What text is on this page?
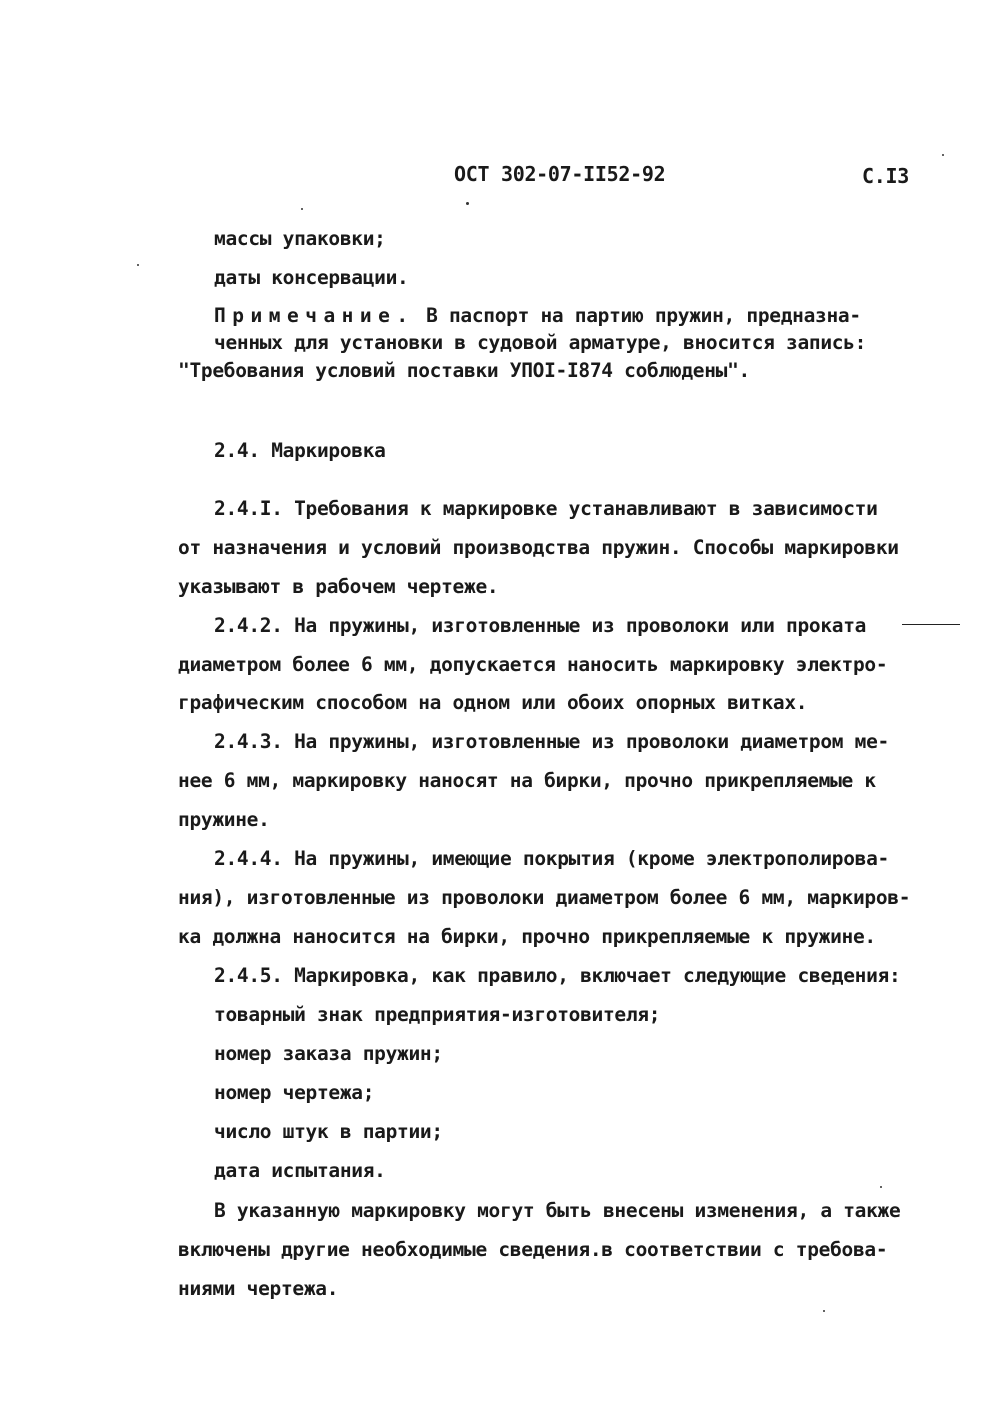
ОСТ 302-07-II52-92	С.I3

массы упаковки;

даты консервации.

Примечание. В паспорт на партию пружин, предназна-

ченных для установки в судовой арматуре, вносится запись:

"Требования условий поставки УПОI-I874 соблюдены".

2.4. Маркировка

2.4.I. Требования к маркировке устанавливают в зависимости

от назначения и условий производства пружин. Способы маркировки

указывают в рабочем чертеже.

2.4.2. На пружины, изготовленные из проволоки или проката

диаметром более 6 мм, допускается наносить маркировку электро-

графическим способом на одном или обоих опорных витках.

2.4.3. На пружины, изготовленные из проволоки диаметром ме-

нее 6 мм, маркировку наносят на бирки, прочно прикрепляемые к

пружине.

2.4.4. На пружины, имеющие покрытия (кроме электрополирова-

ния), изготовленные из проволоки диаметром более 6 мм, маркиров-

ка должна наносится на бирки, прочно прикрепляемые к пружине.

2.4.5. Маркировка, как правило, включает следующие сведения:

товарный знак предприятия-изготовителя;

номер заказа пружин;

номер чертежа;

число штук в партии;

дата испытания.

В указанную маркировку могут быть внесены изменения, а также

включены другие необходимые сведения.в соответствии с требова-

ниями чертежа.
